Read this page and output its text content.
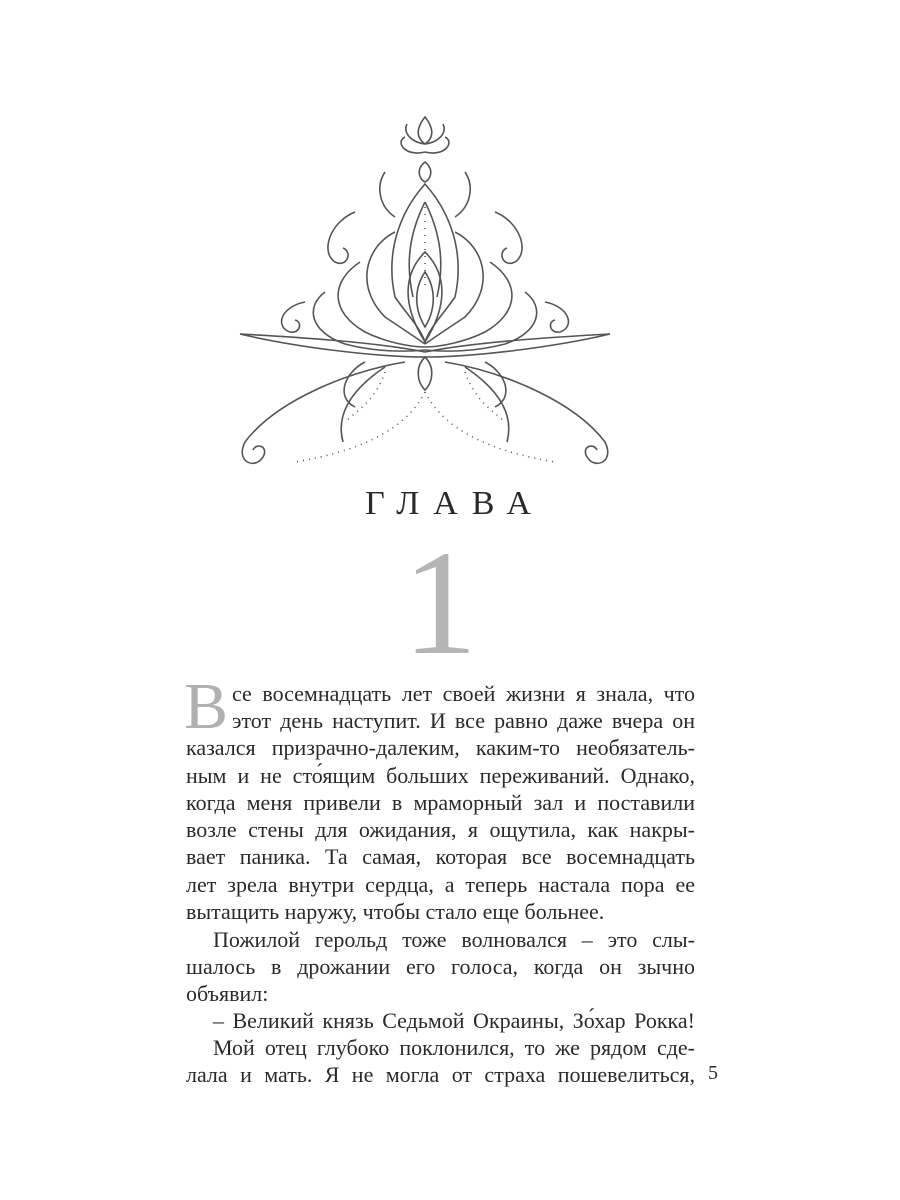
ГЛАВА
1
В се восемнадцать лет своей жизни я знала, что
этот день наступит. И все равно даже вчера он
казался призрачно-далеким, каким-то необязатель-
ным и не сто́ящим больших переживаний. Однако,
когда меня привели в мраморный зал и поставили
возле стены для ожидания, я ощутила, как накры-
вает паника. Та самая, которая все восемнадцать
лет зрела внутри сердца, а теперь настала пора ее
вытащить наружу, чтобы стало еще больнее.
Пожилой герольд тоже волновался – это слы-
шалось в дрожании его голоса, когда он зычно
объявил:
– Великий князь Седьмой Окраины, Зо́хар Рокка!
Мой отец глубоко поклонился, то же рядом сде-
лала и мать. Я не могла от страха пошевелиться, 5
